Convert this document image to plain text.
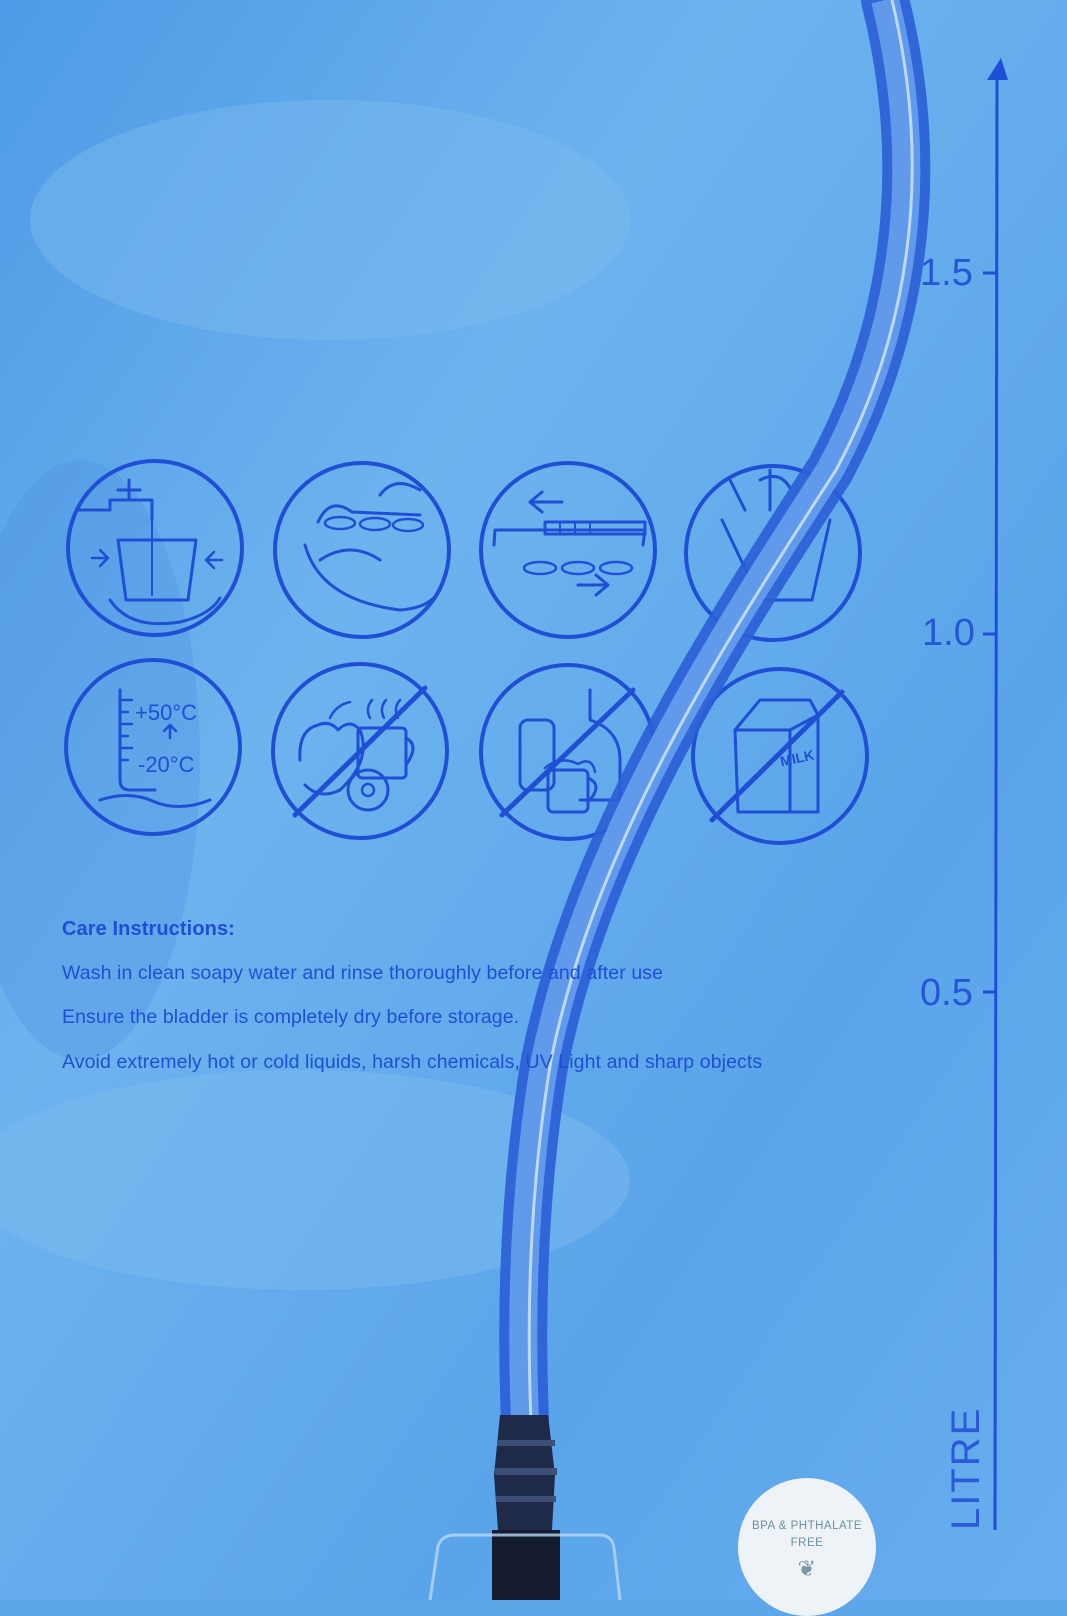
Care Instructions:
Wash in clean soapy water and rinse thoroughly before and after use
Ensure the bladder is completely dry before storage.
Avoid extremely hot or cold liquids, harsh chemicals, UV Light and sharp objects
+50°C
-20°C	MILK
1.5
1.0
0.5
LITRE
BPA & PHTHALATE FREE
❦
